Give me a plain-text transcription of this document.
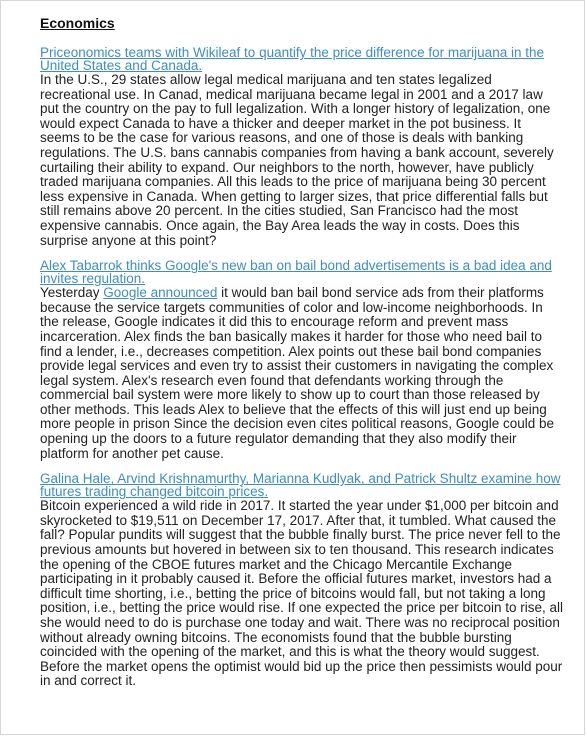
Economics
Priceonomics teams with Wikileaf to quantify the price difference for marijuana in the United States and Canada.

In the U.S., 29 states allow legal medical marijuana and ten states legalized recreational use. In Canad, medical marijuana became legal in 2001 and a 2017 law put the country on the pay to full legalization. With a longer history of legalization, one would expect Canada to have a thicker and deeper market in the pot business. It seems to be the case for various reasons, and one of those is deals with banking regulations. The U.S. bans cannabis companies from having a bank account, severely curtailing their ability to expand. Our neighbors to the north, however, have publicly traded marijuana companies. All this leads to the price of marijuana being 30 percent less expensive in Canada. When getting to larger sizes, that price differential falls but still remains above 20 percent. In the cities studied, San Francisco had the most expensive cannabis. Once again, the Bay Area leads the way in costs. Does this surprise anyone at this point?

Alex Tabarrok thinks Google's new ban on bail bond advertisements is a bad idea and invites regulation.

Yesterday Google announced it would ban bail bond service ads from their platforms because the service targets communities of color and low-income neighborhoods. In the release, Google indicates it did this to encourage reform and prevent mass incarceration. Alex finds the ban basically makes it harder for those who need bail to find a lender, i.e., decreases competition. Alex points out these bail bond companies provide legal services and even try to assist their customers in navigating the complex legal system. Alex's research even found that defendants working through the commercial bail system were more likely to show up to court than those released by other methods. This leads Alex to believe that the effects of this will just end up being more people in prison Since the decision even cites political reasons, Google could be opening up the doors to a future regulator demanding that they also modify their platform for another pet cause.

Galina Hale, Arvind Krishnamurthy, Marianna Kudlyak, and Patrick Shultz examine how futures trading changed bitcoin prices.

Bitcoin experienced a wild ride in 2017. It started the year under $1,000 per bitcoin and skyrocketed to $19,511 on December 17, 2017. After that, it tumbled. What caused the fall? Popular pundits will suggest that the bubble finally burst. The price never fell to the previous amounts but hovered in between six to ten thousand. This research indicates the opening of the CBOE futures market and the Chicago Mercantile Exchange participating in it probably caused it. Before the official futures market, investors had a difficult time shorting, i.e., betting the price of bitcoins would fall, but not taking a long position, i.e., betting the price would rise. If one expected the price per bitcoin to rise, all she would need to do is purchase one today and wait. There was no reciprocal position without already owning bitcoins. The economists found that the bubble bursting coincided with the opening of the market, and this is what the theory would suggest. Before the market opens the optimist would bid up the price then pessimists would pour in and correct it.
